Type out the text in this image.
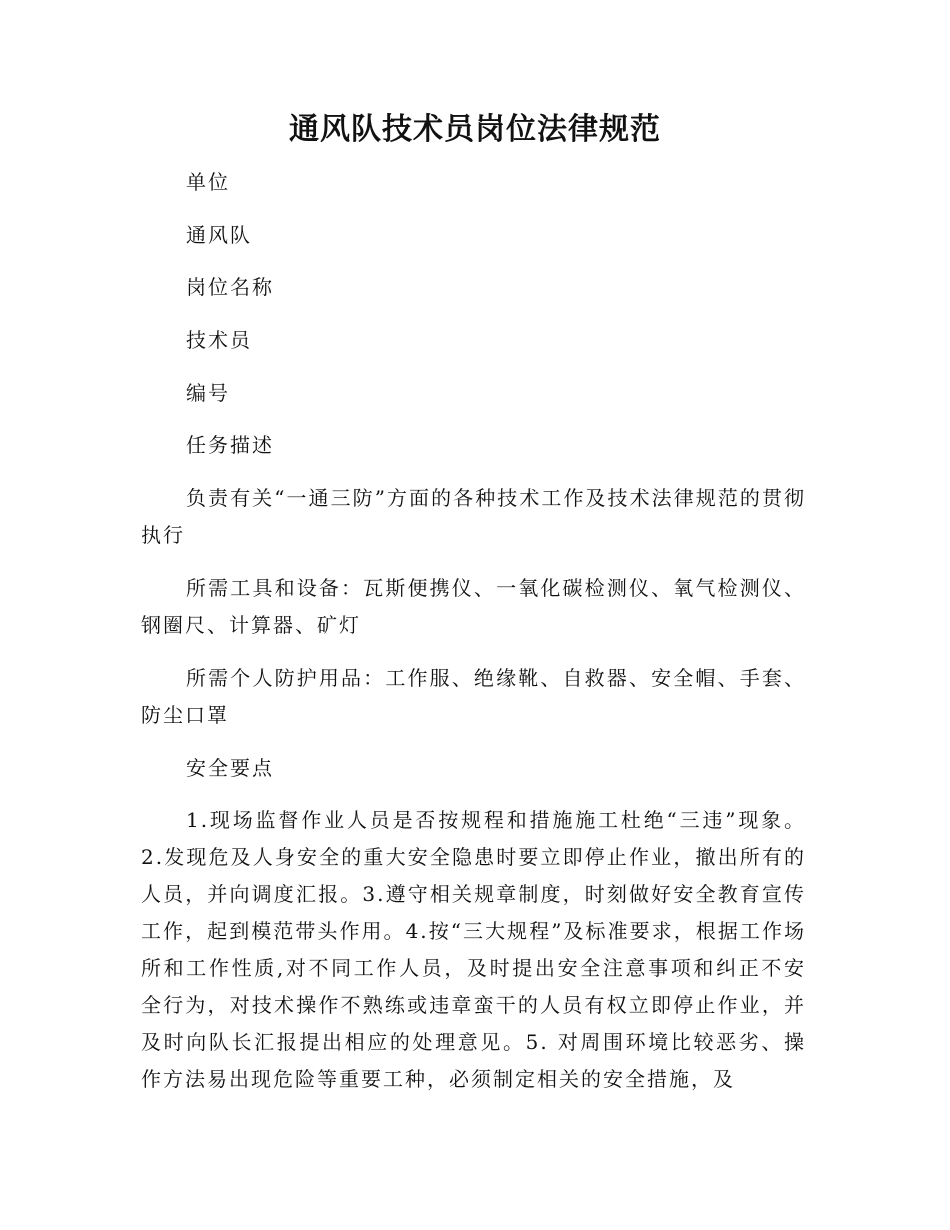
通风队技术员岗位法律规范
单位
通风队
岗位名称
技术员
编号
任务描述
负责有关“一通三防”方面的各种技术工作及技术法律规范的贯彻执行
所需工具和设备：瓦斯便携仪、一氧化碳检测仪、氧气检测仪、钢圈尺、计算器、矿灯
所需个人防护用品：工作服、绝缘靴、自救器、安全帽、手套、防尘口罩
安全要点
1.现场监督作业人员是否按规程和措施施工杜绝“三违”现象。2.发现危及人身安全的重大安全隐患时要立即停止作业，撤出所有的人员，并向调度汇报。3.遵守相关规章制度，时刻做好安全教育宣传工作，起到模范带头作用。4.按“三大规程”及标准要求，根据工作场所和工作性质,对不同工作人员，及时提出安全注意事项和纠正不安全行为，对技术操作不熟练或违章蛮干的人员有权立即停止作业，并及时向队长汇报提出相应的处理意见。5. 对周围环境比较恶劣、操作方法易出现危险等重要工种，必须制定相关的安全措施，及
